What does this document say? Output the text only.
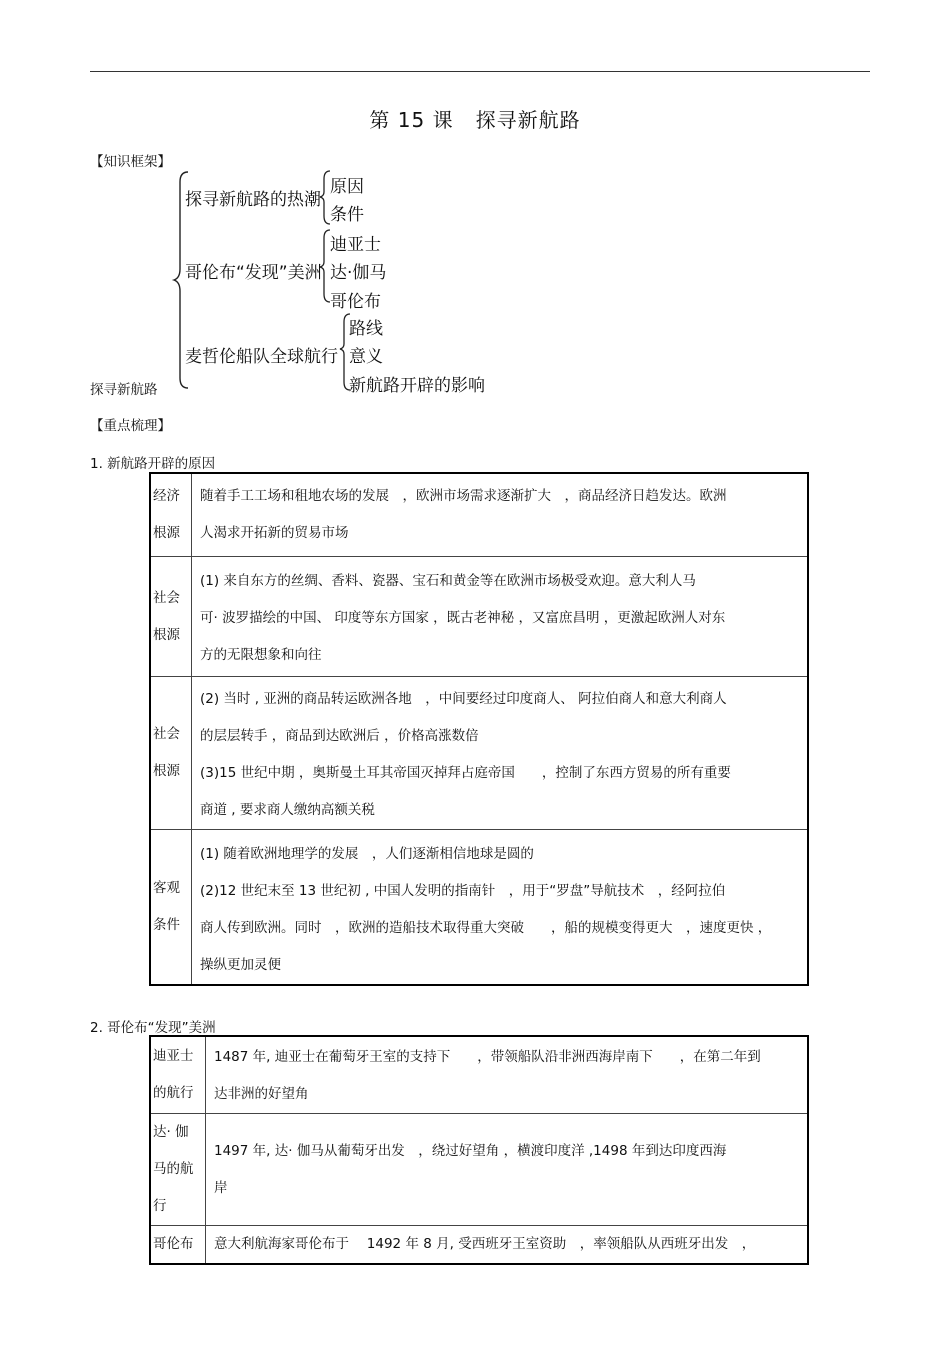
第 15 课 探寻新航路
【知识框架】
探寻新航路
探寻新航路的热潮
原因
条件
哥伦布“发现”美洲
迪亚士
达·伽马
哥伦布
麦哲伦船队全球航行
路线
意义
新航路开辟的影响
【重点梳理】
1. 新航路开辟的原因
经济
根源	随着手工工场和租地农场的发展　，欧洲市场需求逐渐扩大　，商品经济日趋发达。欧洲
人渴求开拓新的贸易市场

社会
根源	(1) 来自东方的丝绸、香料、瓷器、宝石和黄金等在欧洲市场极受欢迎。意大利人马
可· 波罗描绘的中国、 印度等东方国家 ，既古老神秘 ，又富庶昌明 ，更激起欧洲人对东
方的无限想象和向往

社会
根源	(2) 当时 , 亚洲的商品转运欧洲各地　，中间要经过印度商人、 阿拉伯商人和意大利商人
的层层转手 ，商品到达欧洲后 ，价格高涨数倍
(3)15 世纪中期 ，奥斯曼土耳其帝国灭掉拜占庭帝国　　，控制了东西方贸易的所有重要
商道 , 要求商人缴纳高额关税

客观
条件	(1) 随着欧洲地理学的发展　，人们逐渐相信地球是圆的
(2)12 世纪末至 13 世纪初 , 中国人发明的指南针　，用于“罗盘”导航技术　，经阿拉伯
商人传到欧洲。同时　，欧洲的造船技术取得重大突破　　，船的规模变得更大　，速度更快 ，
操纵更加灵便
2. 哥伦布“发现”美洲
迪亚士
的航行	1487 年, 迪亚士在葡萄牙王室的支持下　　，带领船队沿非洲西海岸南下　　，在第二年到
达非洲的好望角

达· 伽
马的航
行	1497 年, 达· 伽马从葡萄牙出发　，绕过好望角 ，横渡印度洋 ,1498 年到达印度西海
岸

哥伦布	意大利航海家哥伦布于　 1492 年 8 月, 受西班牙王室资助　，率领船队从西班牙出发　，
